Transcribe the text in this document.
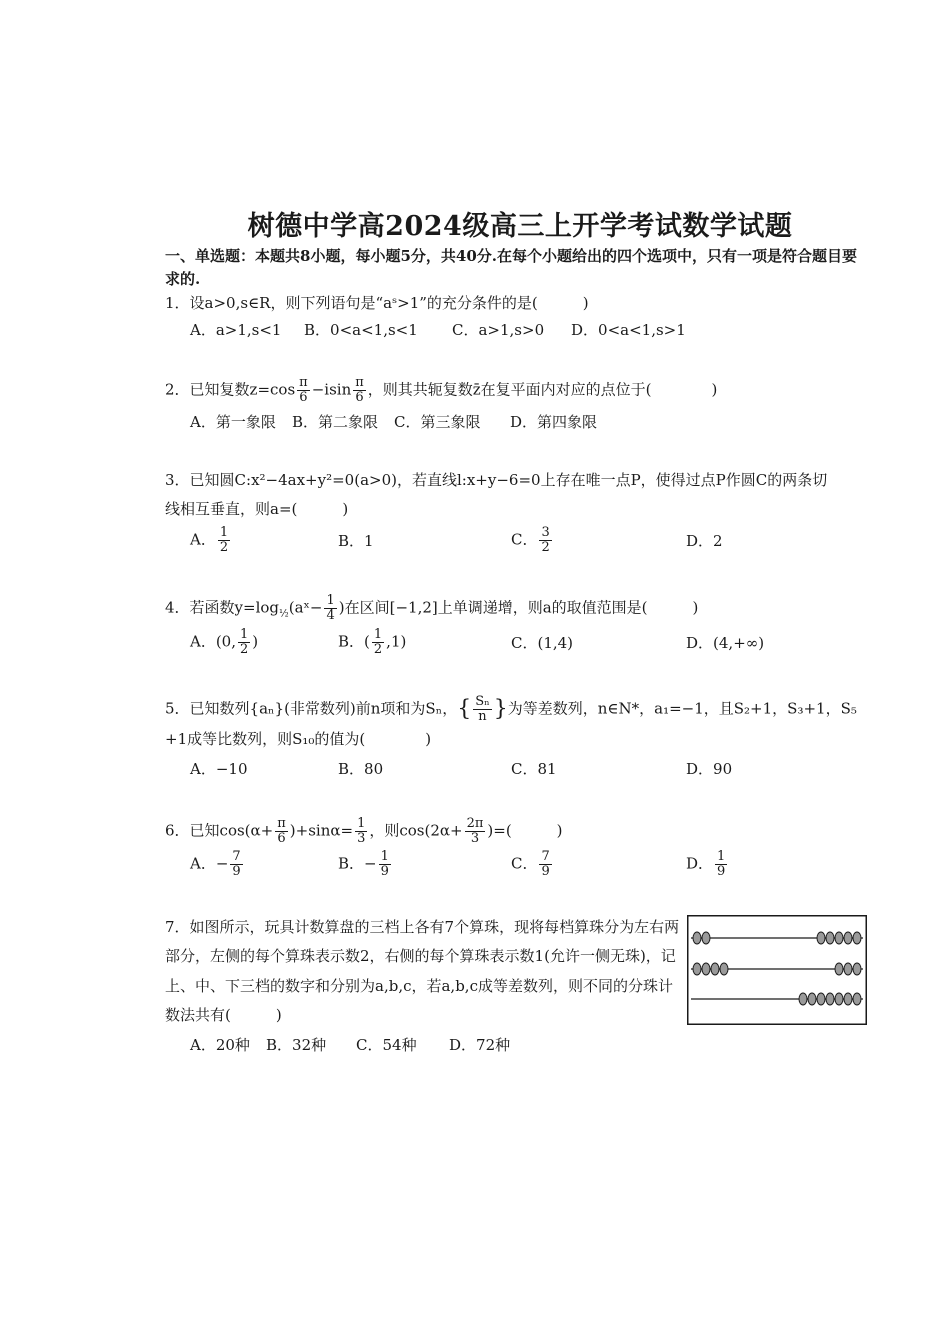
树德中学高2024级高三上开学考试数学试题
一、单选题：本题共8小题，每小题5分，共40分.在每个小题给出的四个选项中，只有一项是符合题目要
求的.
1．设a>0,s∈R，则下列语句是“aˢ>1”的充分条件的是(　　　)
A．a>1,s<1 B．0<a<1,s<1 C．a>1,s>0 D．0<a<1,s>1
2．已知复数$z=\cos \frac{\pi}{6} -isin \frac{\pi}{6}$ ，则其共轭复数z̄在复平面内对应的点位于(　　　　)
A．第一象限 B．第二象限 C．第三象限 D．第四象限
3．已知圆C:x²−4ax+y²=0(a>0)，若直线l:x+y−6=0上存在唯一点P，使得过点P作圆C的两条切
线相互垂直，则a=(　　　)
A． $\frac{1}{2}$	B．1	C． $\frac{3}{2}$	D．2
4．若函数$y=\log_{\frac{1}{2}}(aˣ- \frac{1}{4}$ )在区间[−1,2]上单调递增，则a的取值范围是(　　　)
A．(0, $\frac{1}{2}$ )	B．( $\frac{1}{2} ,1$)	C．(1,4)	D．(4,+∞)
5．已知数列{aₙ}(非常数列)前n项和为Sₙ，{ $\frac{\text{Sₙ}}{n}$ }为等差数列，n∈N*，a₁=−1，且S₂+1，S₃+1，S₅
+1成等比数列，则S₁₀的值为(　　　　)
A．−10	B．80	C．81	D．90
6．已知$\cos(\alpha+ \frac{\pi}{6} )+\sin\alpha= \frac{1}{3}$ ，则$\cos(2\alpha+ \frac{2\pi}{3}$ )=(　　　)
A．− $\frac{7}{9}$	B．− $\frac{1}{9}$	C． $\frac{7}{9}$	D． $\frac{1}{9}$
7．如图所示，玩具计数算盘的三档上各有7个算珠，现将每档算珠分为左右两
部分，左侧的每个算珠表示数2，右侧的每个算珠表示数1(允许一侧无珠)，记
上、中、下三档的数字和分别为a,b,c，若a,b,c成等差数列，则不同的分珠计
数法共有(　　　)
A．20种 B．32种 C．54种 D．72种
